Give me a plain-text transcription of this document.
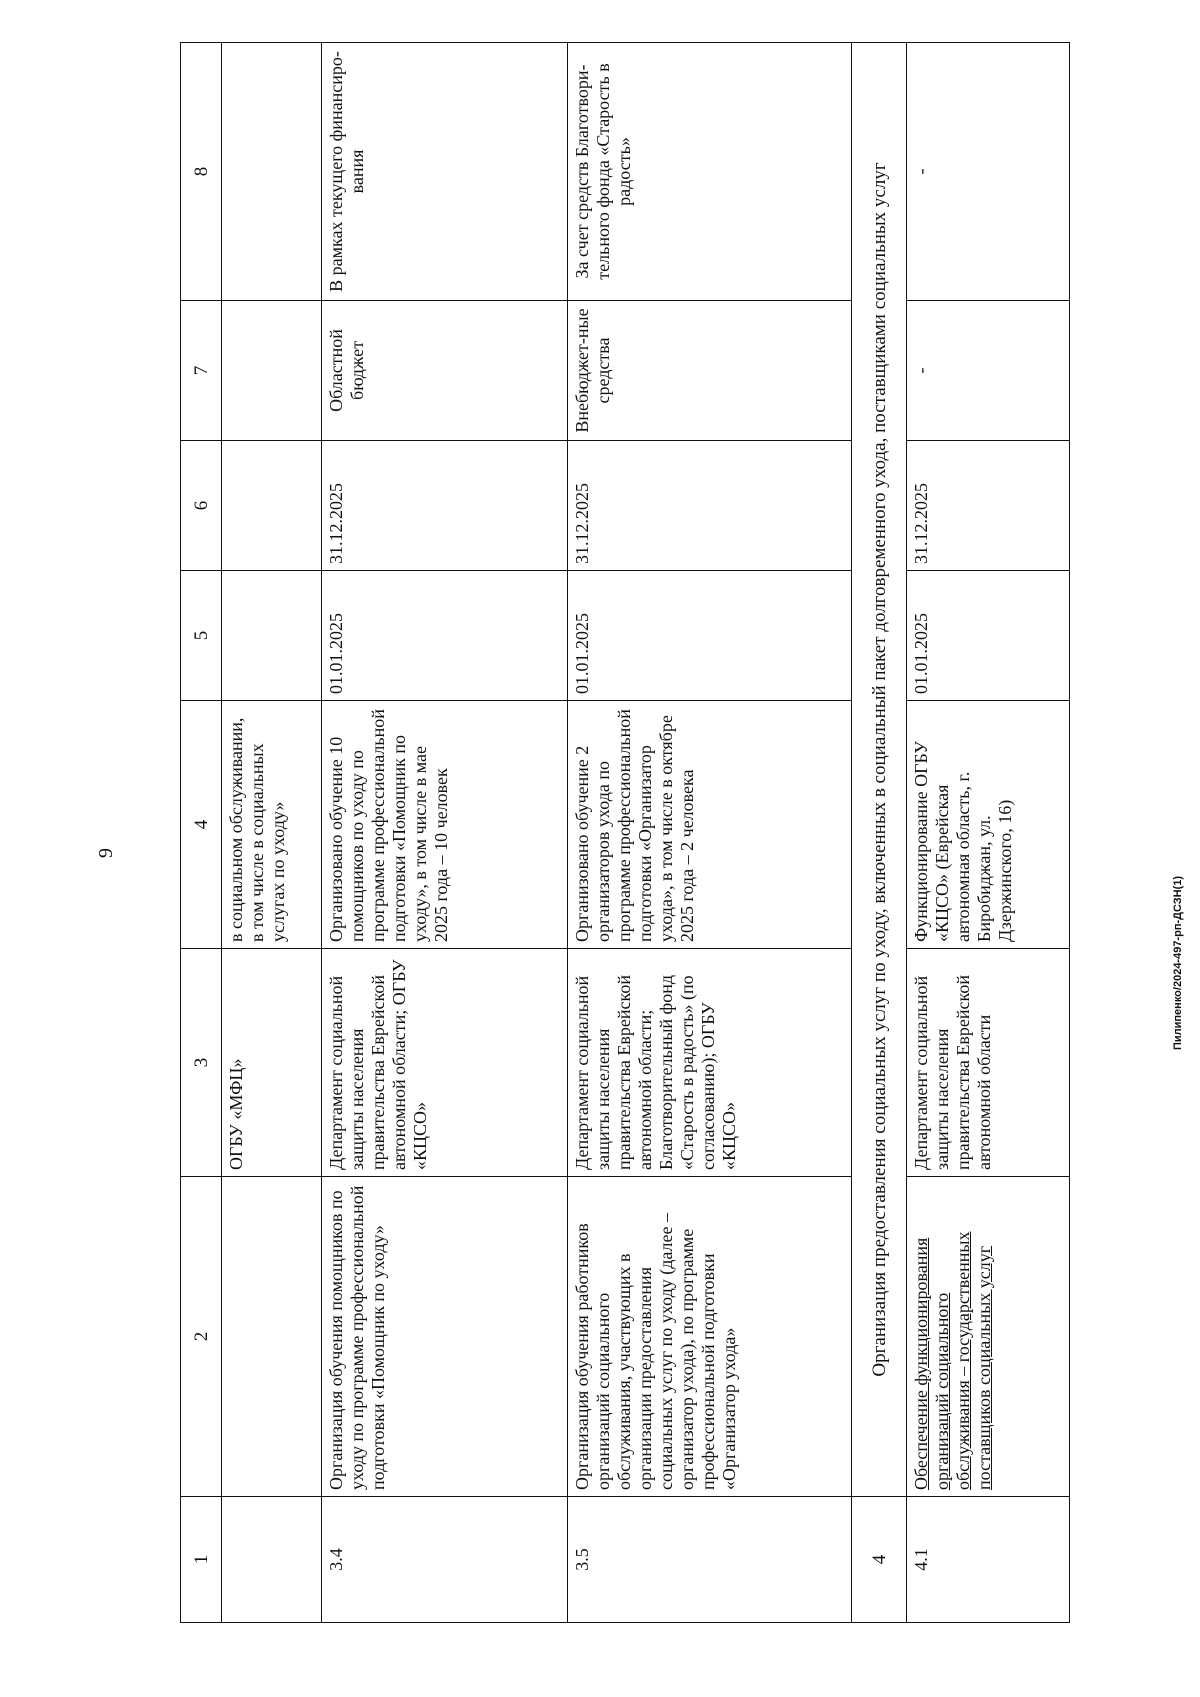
9
1	2	3	4	5	6	7	8
		ОГБУ «МФЦ»	в социальном обслуживании, в том числе в социальных услугах по уходу»				
3.4	Организация обучения помощников по уходу по программе профессиональной подготовки «Помощник по уходу»	Департамент социальной защиты населения правительства Еврейской автономной области; ОГБУ «КЦСО»	Организовано обучение 10 помощников по уходу по программе профессиональной подготовки «Помощник по уходу», в том числе в мае 2025 года – 10 человек	01.01.2025	31.12.2025	Областной бюджет	В рамках текущего финансиро-вания
3.5	Организация обучения работников организаций социального обслуживания, участвующих в организации предоставления социальных услуг по уходу (далее – организатор ухода), по программе профессиональной подготовки «Организатор ухода»	Департамент социальной защиты населения правительства Еврейской автономной области; Благотворительный фонд «Старость в радость» (по согласованию); ОГБУ «КЦСО»	Организовано обучение 2 организаторов ухода по программе профессиональной подготовки «Организатор ухода», в том числе в октябре 2025 года – 2 человека	01.01.2025	31.12.2025	Внебюджет-ные средства	За счет средств Благотвори-тельного фонда «Старость в радость»
4	Организация предоставления социальных услуг по уходу, включенных в социальный пакет долговременного ухода, поставщиками социальных услуг						
4.1	Обеспечение функционирования организаций социального обслуживания – государственных поставщиков социальных услуг	Департамент социальной защиты населения правительства Еврейской автономной области	Функционирование ОГБУ «КЦСО» (Еврейская автономная область, г. Биробиджан, ул. Дзержинского, 16)	01.01.2025	31.12.2025	-	-
Пилипенко/2024-497-рп-ДСЗН(1)
